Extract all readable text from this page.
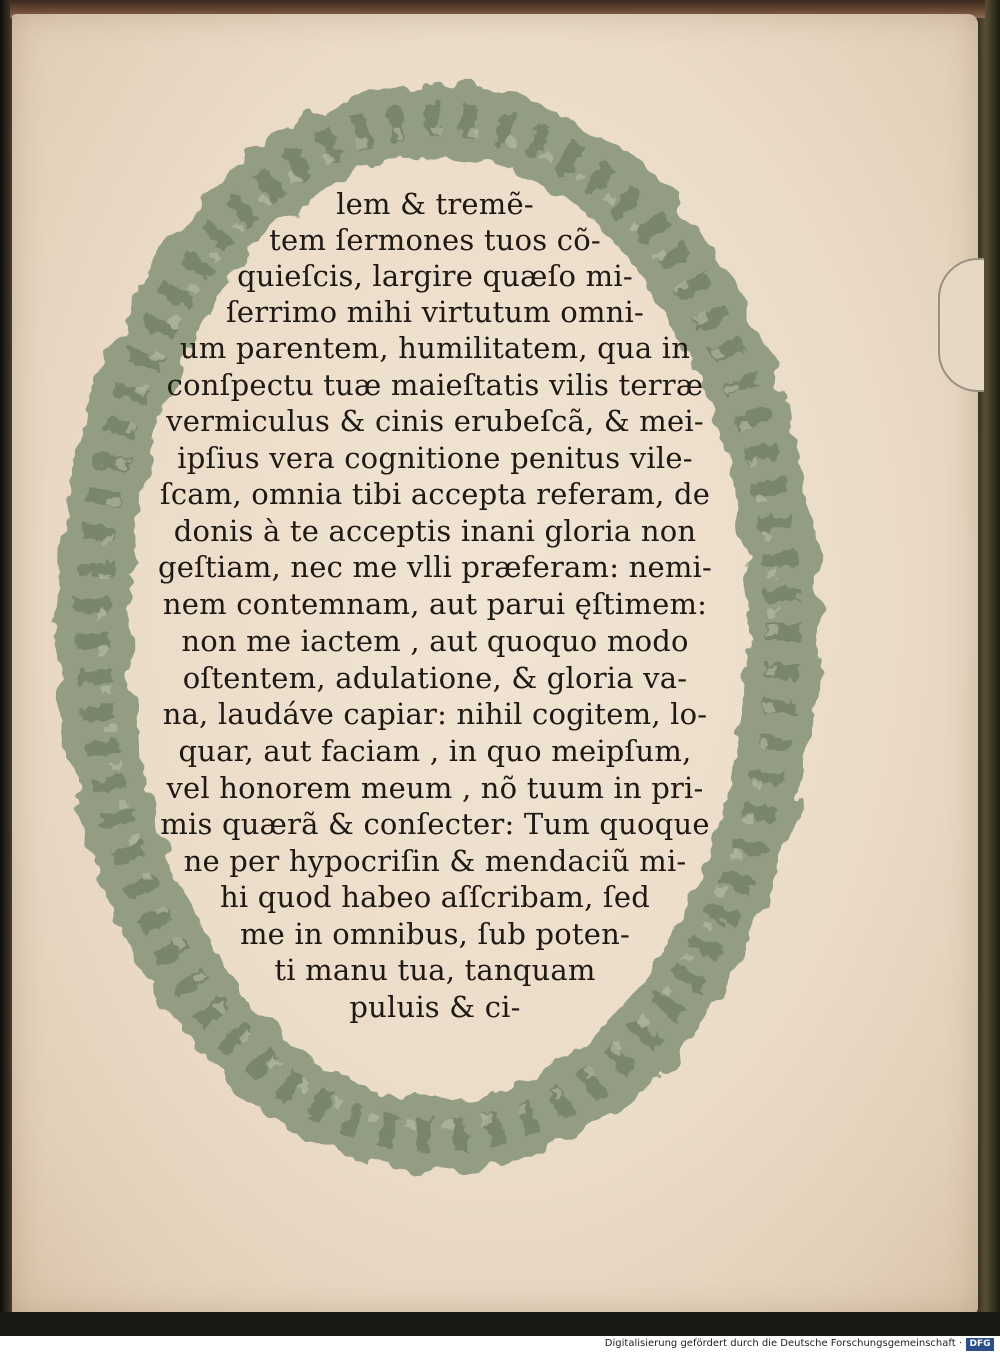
lem & tremẽ-
tem ſermones tuos cõ-
quieſcis, largire quæſo mi-
ſerrimo mihi virtutum omni-
um parentem, humilitatem, qua in
conſpectu tuæ maieſtatis vilis terræ
vermiculus & cinis erubeſcã, & mei-
ipſius vera cognitione penitus vile-
ſcam, omnia tibi accepta referam, de
donis à te acceptis inani gloria non
geſtiam, nec me vlli præferam: nemi-
nem contemnam, aut parui ęſtimem:
non me iactem , aut quoquo modo
oſtentem, adulatione, & gloria va-
na, laudáve capiar: nihil cogitem, lo-
quar, aut faciam , in quo meipſum,
vel honorem meum , nõ tuum in pri-
mis quærã & conſecter: Tum quoque
ne per hypocriſin & mendaciũ mi-
hi quod habeo aſſcribam, ſed
me in omnibus, ſub poten-
ti manu tua, tanquam
puluis & ci-
Digitalisierung gefördert durch die Deutsche Forschungsgemeinschaft · DFG
